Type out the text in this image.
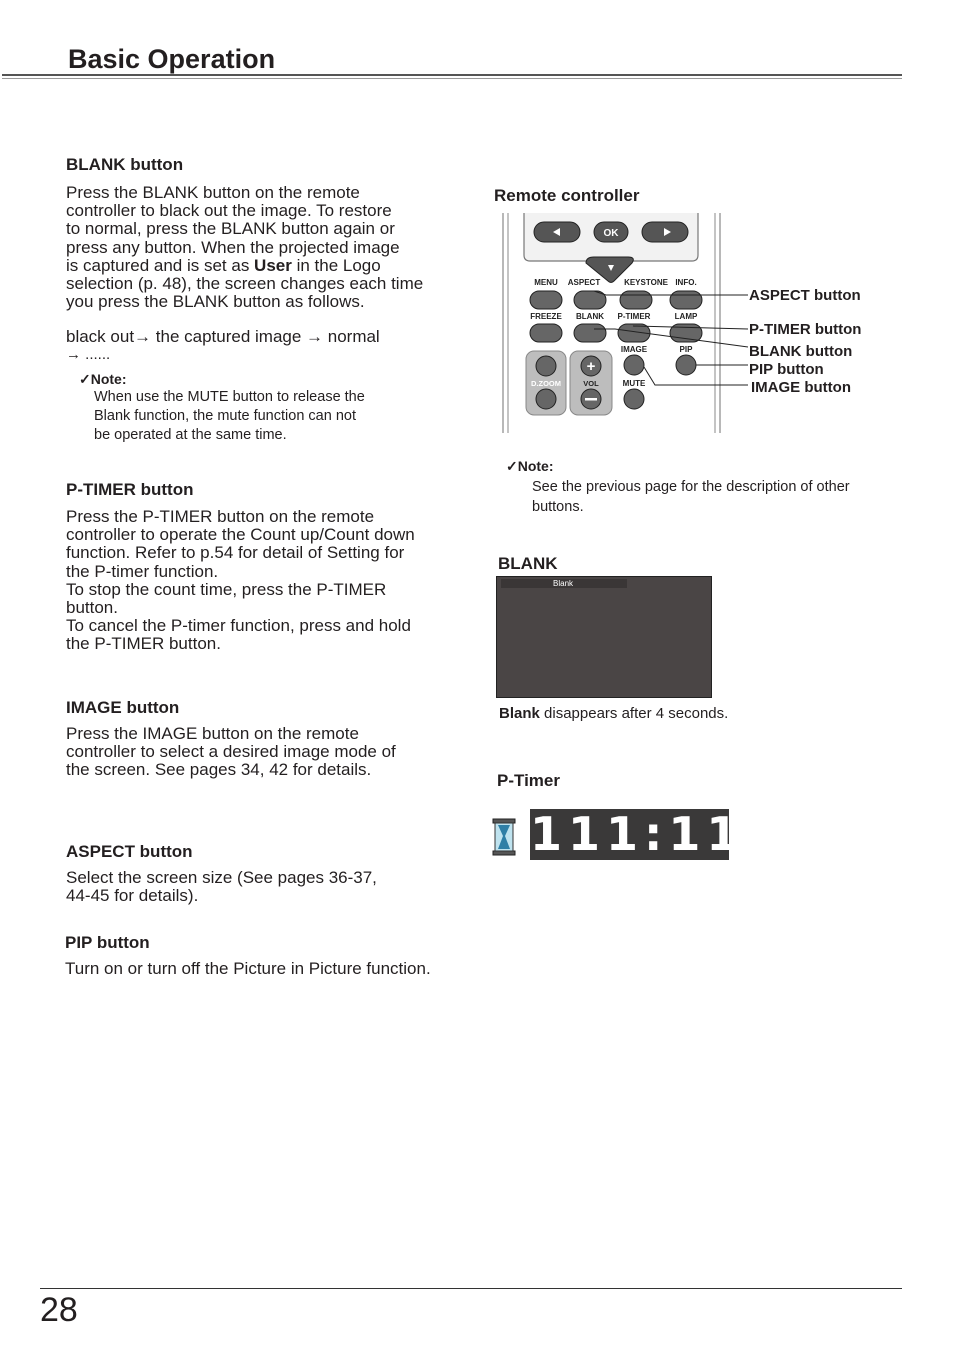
Basic Operation
BLANK button
Press the BLANK button on the remote
controller to black out the image. To restore
to normal, press the BLANK button again or
press any button. When the projected image
is captured and is set as User in the Logo
selection (p. 48), the screen changes each time
you press the BLANK button as follows.
black out→ the captured image → normal
→ ......
✓Note:
When use the MUTE button to release the
Blank function, the mute function can not
be operated at the same time.
P-TIMER button
Press the P-TIMER button on the remote
controller to operate the Count up/Count down
function. Refer to p.54 for detail of Setting for
the P-timer function.
To stop the count time, press the P-TIMER
button.
To cancel the P-timer function, press and hold
the P-TIMER button.
IMAGE button
Press the IMAGE button on the remote
controller to select a desired image mode of
the screen. See pages 34, 42 for details.
ASPECT button
Select the screen size (See pages 36-37,
44-45 for details).
PIP button
Turn on or turn off the Picture in Picture function.
Remote controller
OK
MENU ASPECT	KEYSTONE INFO.
FREEZE BLANK P-TIMER	LAMP
IMAGE	PIP
MUTE
+
D.ZOOM	VOL
ASPECT button
P-TIMER button
BLANK button
PIP button
IMAGE button
✓Note:
See the previous page for the description of other
buttons.
BLANK
Blank
Blank disappears after 4 seconds.
P-Timer
111:11
28
